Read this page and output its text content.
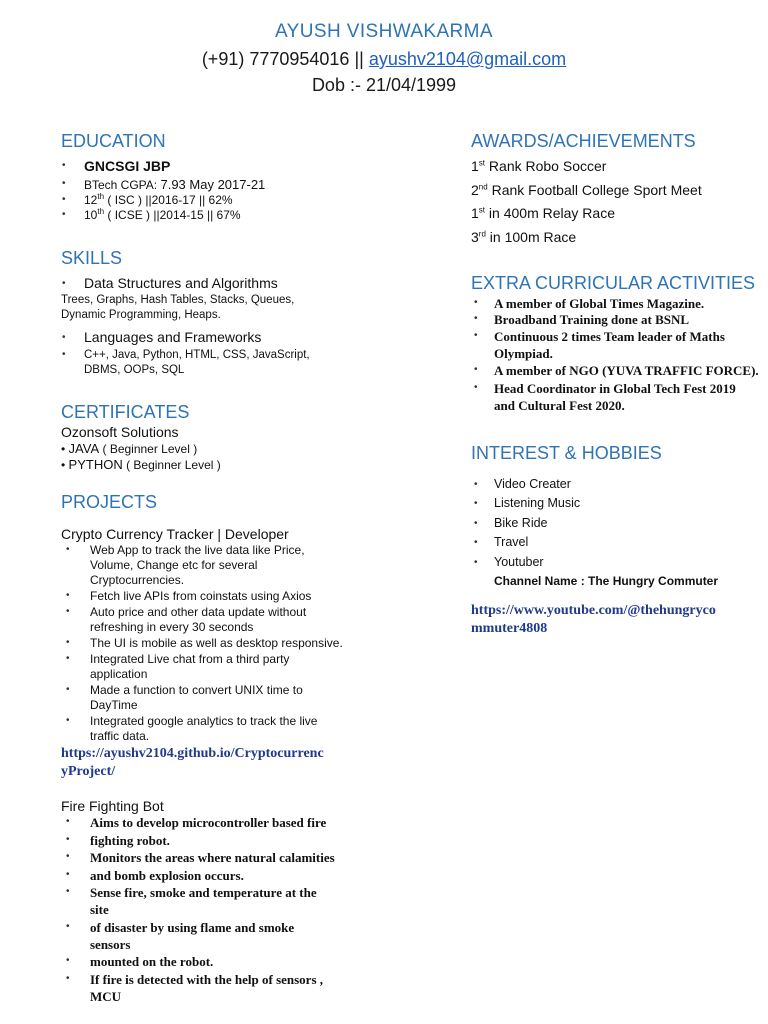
AYUSH VISHWAKARMA
(+91) 7770954016 || ayushv2104@gmail.com
Dob :- 21/04/1999
EDUCATION
• GNCSGI JBP
• BTech CGPA: 7.93 May 2017-21
• 12th ( ISC ) ||2016-17 || 62%
• 10th ( ICSE ) ||2014-15 || 67%
SKILLS
• Data Structures and Algorithms
Trees, Graphs, Hash Tables, Stacks, Queues,
Dynamic Programming, Heaps.
• Languages and Frameworks
• C++, Java, Python, HTML, CSS, JavaScript,
DBMS, OOPs, SQL
CERTIFICATES
Ozonsoft Solutions
• JAVA ( Beginner Level )
• PYTHON ( Beginner Level )
PROJECTS
Crypto Currency Tracker | Developer
• Web App to track the live data like Price,
Volume, Change etc for several
Cryptocurrencies.
• Fetch live APIs from coinstats using Axios
• Auto price and other data update without
refreshing in every 30 seconds
• The UI is mobile as well as desktop responsive.
• Integrated Live chat from a third party
application
• Made a function to convert UNIX time to
DayTime
• Integrated google analytics to track the live
traffic data.
https://ayushv2104.github.io/Cryptocurrenc
yProject/
Fire Fighting Bot
• Aims to develop microcontroller based fire
• fighting robot.
• Monitors the areas where natural calamities
• and bomb explosion occurs.
• Sense fire, smoke and temperature at the
site
• of disaster by using flame and smoke
sensors
• mounted on the robot.
• If fire is detected with the help of sensors ,
MCU
AWARDS/ACHIEVEMENTS
1st Rank Robo Soccer
2nd Rank Football College Sport Meet
1st in 400m Relay Race
3rd in 100m Race
EXTRA CURRICULAR ACTIVITIES
• A member of Global Times Magazine.
• Broadband Training done at BSNL
• Continuous 2 times Team leader of Maths
Olympiad.
• A member of NGO (YUVA TRAFFIC FORCE).
• Head Coordinator in Global Tech Fest 2019
and Cultural Fest 2020.
INTEREST & HOBBIES
• Video Creater
• Listening Music
• Bike Ride
• Travel
• Youtuber
Channel Name : The Hungry Commuter
https://www.youtube.com/@thehungryco
mmuter4808
